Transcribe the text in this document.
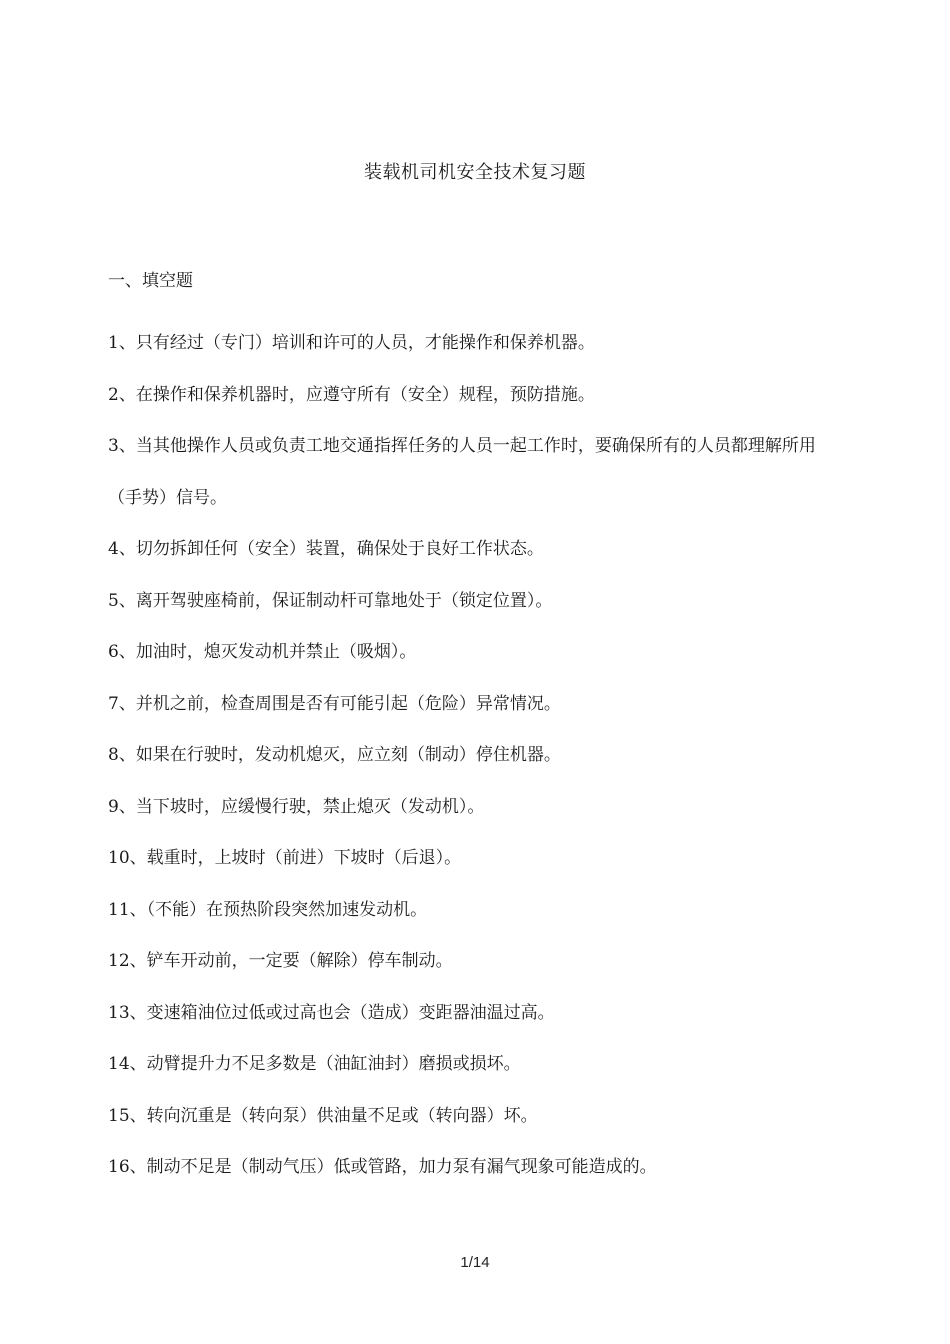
装载机司机安全技术复习题
一、填空题
1、只有经过（专门）培训和许可的人员，才能操作和保养机器。
2、在操作和保养机器时，应遵守所有（安全）规程，预防措施。
3、当其他操作人员或负责工地交通指挥任务的人员一起工作时，要确保所有的人员都理解所用（手势）信号。
4、切勿拆卸任何（安全）装置，确保处于良好工作状态。
5、离开驾驶座椅前，保证制动杆可靠地处于（锁定位置）。
6、加油时，熄灭发动机并禁止（吸烟）。
7、并机之前，检查周围是否有可能引起（危险）异常情况。
8、如果在行驶时，发动机熄灭，应立刻（制动）停住机器。
9、当下坡时，应缓慢行驶，禁止熄灭（发动机）。
10、载重时，上坡时（前进）下坡时（后退）。
11、（不能）在预热阶段突然加速发动机。
12、铲车开动前，一定要（解除）停车制动。
13、变速箱油位过低或过高也会（造成）变距器油温过高。
14、动臂提升力不足多数是（油缸油封）磨损或损坏。
15、转向沉重是（转向泵）供油量不足或（转向器）坏。
16、制动不足是（制动气压）低或管路，加力泵有漏气现象可能造成的。
1/14
